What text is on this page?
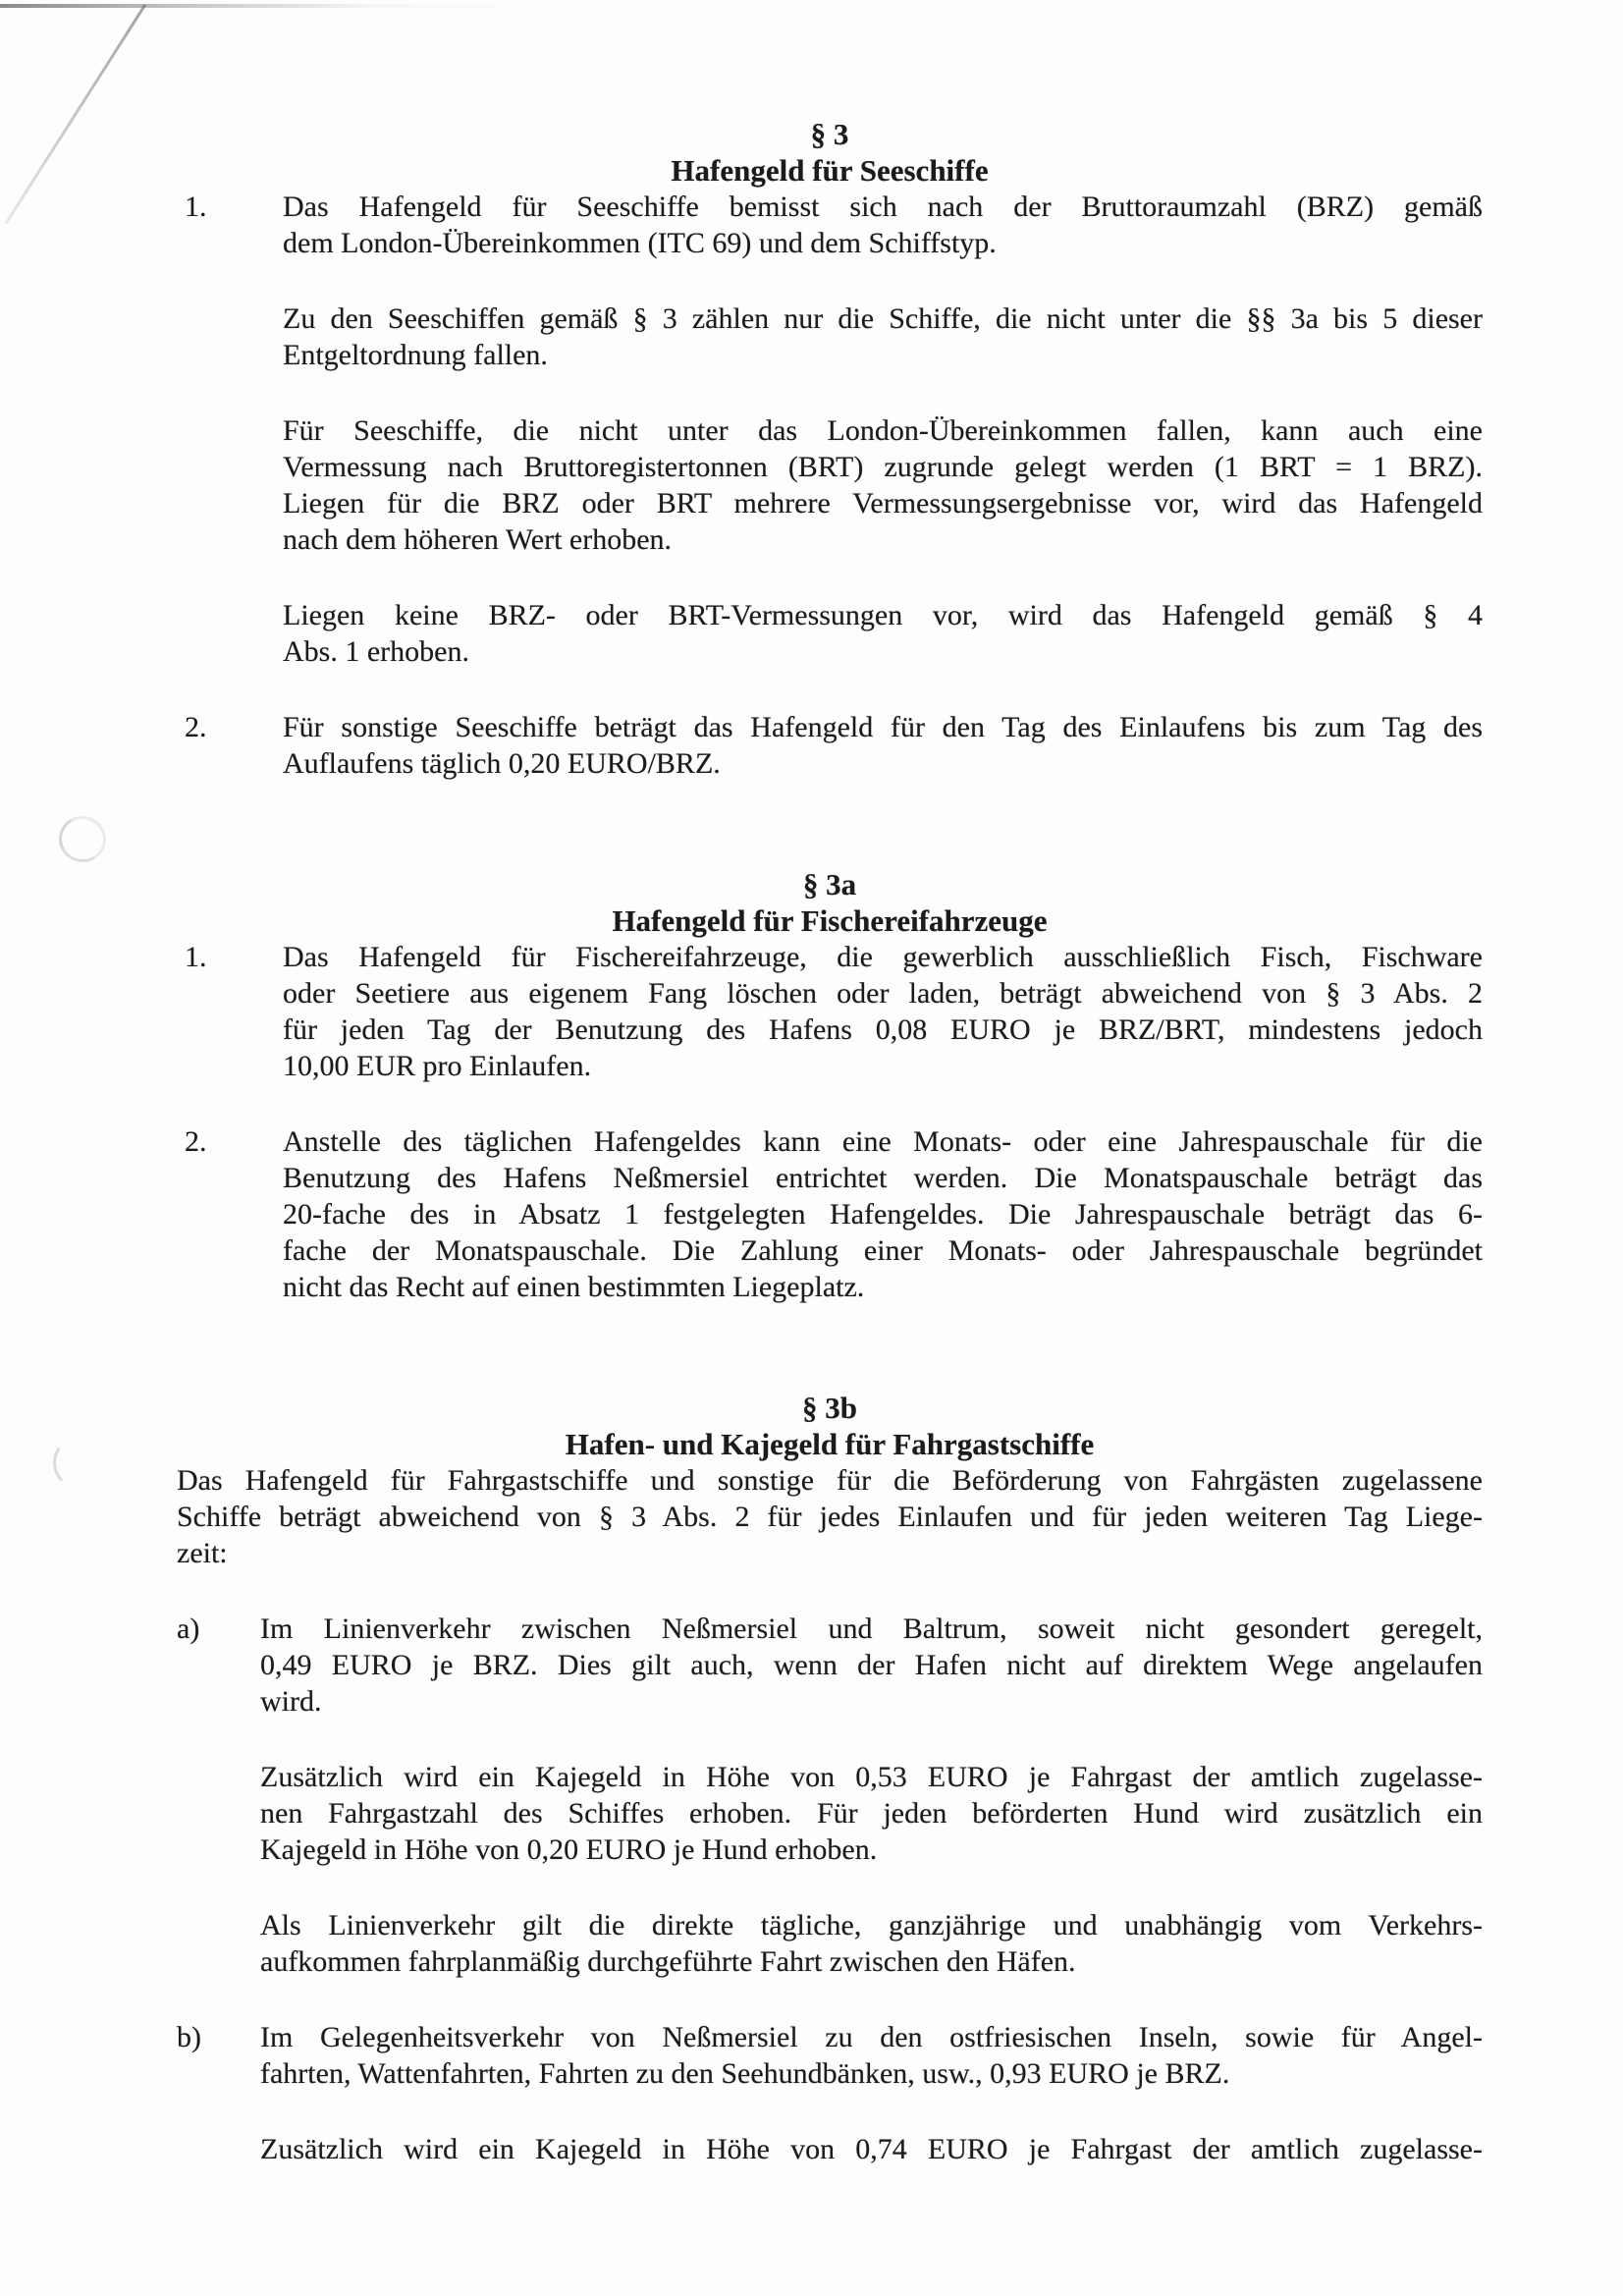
§ 3
Hafengeld für Seeschiffe
1.	Das Hafengeld für Seeschiffe bemisst sich nach der Bruttoraumzahl (BRZ) gemäß
dem London-Übereinkommen (ITC 69) und dem Schiffstyp.
Zu den Seeschiffen gemäß § 3 zählen nur die Schiffe, die nicht unter die §§ 3a bis 5 dieser
Entgeltordnung fallen.
Für Seeschiffe, die nicht unter das London-Übereinkommen fallen, kann auch eine
Vermessung nach Bruttoregistertonnen (BRT) zugrunde gelegt werden (1 BRT = 1 BRZ).
Liegen für die BRZ oder BRT mehrere Vermessungsergebnisse vor, wird das Hafengeld
nach dem höheren Wert erhoben.
Liegen keine BRZ- oder BRT-Vermessungen vor, wird das Hafengeld gemäß § 4
Abs. 1 erhoben.
2.	Für sonstige Seeschiffe beträgt das Hafengeld für den Tag des Einlaufens bis zum Tag des
Auflaufens täglich 0,20 EURO/BRZ.
§ 3a
Hafengeld für Fischereifahrzeuge
1.	Das Hafengeld für Fischereifahrzeuge, die gewerblich ausschließlich Fisch, Fischware
oder Seetiere aus eigenem Fang löschen oder laden, beträgt abweichend von § 3 Abs. 2
für jeden Tag der Benutzung des Hafens 0,08 EURO je BRZ/BRT, mindestens jedoch
10,00 EUR pro Einlaufen.
2.	Anstelle des täglichen Hafengeldes kann eine Monats- oder eine Jahrespauschale für die
Benutzung des Hafens Neßmersiel entrichtet werden. Die Monatspauschale beträgt das
20-fache des in Absatz 1 festgelegten Hafengeldes. Die Jahrespauschale beträgt das 6-
fache der Monatspauschale. Die Zahlung einer Monats- oder Jahrespauschale begründet
nicht das Recht auf einen bestimmten Liegeplatz.
§ 3b
Hafen- und Kajegeld für Fahrgastschiffe
Das Hafengeld für Fahrgastschiffe und sonstige für die Beförderung von Fahrgästen zugelassene
Schiffe beträgt abweichend von § 3 Abs. 2 für jedes Einlaufen und für jeden weiteren Tag Liege-
zeit:
a) Im Linienverkehr zwischen Neßmersiel und Baltrum, soweit nicht gesondert geregelt,
0,49 EURO je BRZ. Dies gilt auch, wenn der Hafen nicht auf direktem Wege angelaufen
wird.
Zusätzlich wird ein Kajegeld in Höhe von 0,53 EURO je Fahrgast der amtlich zugelasse-
nen Fahrgastzahl des Schiffes erhoben. Für jeden beförderten Hund wird zusätzlich ein
Kajegeld in Höhe von 0,20 EURO je Hund erhoben.
Als Linienverkehr gilt die direkte tägliche, ganzjährige und unabhängig vom Verkehrs-
aufkommen fahrplanmäßig durchgeführte Fahrt zwischen den Häfen.
b) Im Gelegenheitsverkehr von Neßmersiel zu den ostfriesischen Inseln, sowie für Angel-
fahrten, Wattenfahrten, Fahrten zu den Seehundbänken, usw., 0,93 EURO je BRZ.
Zusätzlich wird ein Kajegeld in Höhe von 0,74 EURO je Fahrgast der amtlich zugelasse-
